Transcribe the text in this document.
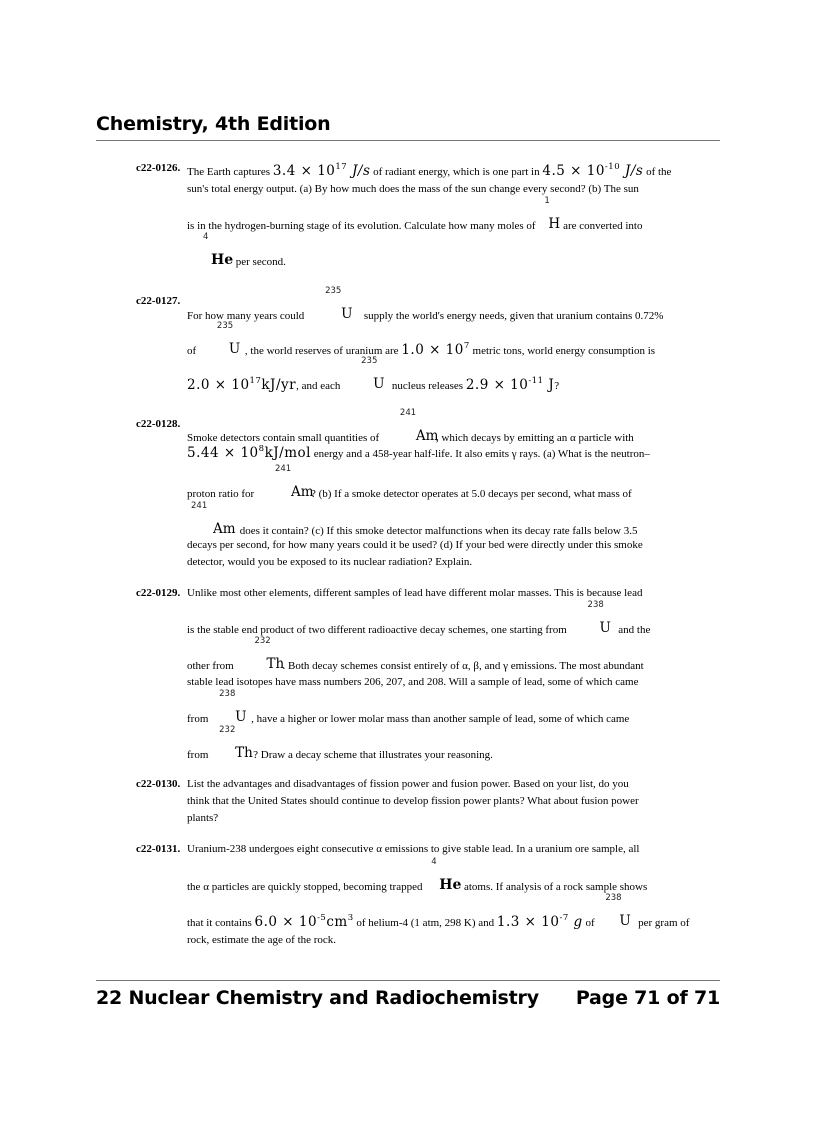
Chemistry, 4th Edition
c22-0126. The Earth captures $3.4 \times 10^{17}$ J/s of radiant energy, which is one part in $4.5 \times 10^{-10}$ J/s of the
sun's total energy output. (a) By how much does the mass of the sun change every second? (b) The sun
is in the hydrogen-burning stage of its evolution. Calculate how many moles of
1
H are converted into
4
He per second.
c22-0127.
For how many years could
235
U supply the world's energy needs, given that uranium contains 0.72%
of
235
U , the world reserves of uranium are $1.0 \times 10^7$ metric tons, world energy consumption is
$2.0 \times 10^{17}kJ/yr$, and each
235
U nucleus releases $2.9 \times 10^{-11}$ J?
c22-0128.
Smoke detectors contain small quantities of
241
Am
, which decays by emitting an α particle with
$5.44 \times 10^8kJ$/mol energy and a 458-year half-life. It also emits γ rays. (a) What is the neutron–
proton ratio for
241
Am
? (b) If a smoke detector operates at 5.0 decays per second, what mass of
241
Am does it contain? (c) If this smoke detector malfunctions when its decay rate falls below 3.5
decays per second, for how many years could it be used? (d) If your bed were directly under this smoke
detector, would you be exposed to its nuclear radiation? Explain.
c22-0129. Unlike most other elements, different samples of lead have different molar masses. This is because lead
is the stable end product of two different radioactive decay schemes, one starting from
238
U and the
other from
232
Th
. Both decay schemes consist entirely of α, β, and γ emissions. The most abundant
stable lead isotopes have mass numbers 206, 207, and 208. Will a sample of lead, some of which came
from
238
U , have a higher or lower molar mass than another sample of lead, some of which came
from
232
Th ? Draw a decay scheme that illustrates your reasoning.
c22-0130. List the advantages and disadvantages of fission power and fusion power. Based on your list, do you
think that the United States should continue to develop fission power plants? What about fusion power
plants?
c22-0131. Uranium-238 undergoes eight consecutive α emissions to give stable lead. In a uranium ore sample, all
the α particles are quickly stopped, becoming trapped
4
He atoms. If analysis of a rock sample shows
that it contains $6.0 \times 10^{-5}cm^3$ of helium-4 (1 atm, 298 K) and $1.3 \times 10^{-7}$ g of
238
U per gram of
rock, estimate the age of the rock.
22 Nuclear Chemistry and Radiochemistry Page 71 of 71
